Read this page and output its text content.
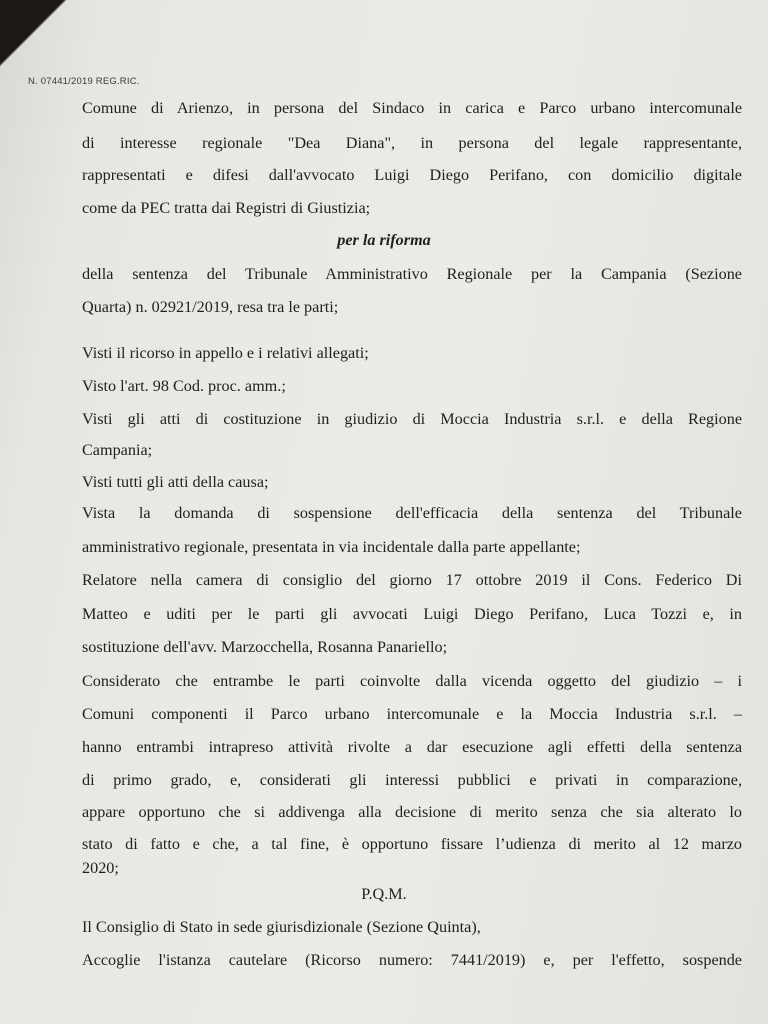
N. 07441/2019 REG.RIC.
Comune di Arienzo, in persona del Sindaco in carica e Parco urbano intercomunale
di interesse regionale "Dea Diana", in persona del legale rappresentante,
rappresentati e difesi dall'avvocato Luigi Diego Perifano, con domicilio digitale
come da PEC tratta dai Registri di Giustizia;
per la riforma
della sentenza del Tribunale Amministrativo Regionale per la Campania (Sezione
Quarta) n. 02921/2019, resa tra le parti;
Visti il ricorso in appello e i relativi allegati;
Visto l'art. 98 Cod. proc. amm.;
Visti gli atti di costituzione in giudizio di Moccia Industria s.r.l. e della Regione
Campania;
Visti tutti gli atti della causa;
Vista la domanda di sospensione dell'efficacia della sentenza del Tribunale
amministrativo regionale, presentata in via incidentale dalla parte appellante;
Relatore nella camera di consiglio del giorno 17 ottobre 2019 il Cons. Federico Di
Matteo e uditi per le parti gli avvocati Luigi Diego Perifano, Luca Tozzi e, in
sostituzione dell'avv. Marzocchella, Rosanna Panariello;
Considerato che entrambe le parti coinvolte dalla vicenda oggetto del giudizio – i
Comuni componenti il Parco urbano intercomunale e la Moccia Industria s.r.l. –
hanno entrambi intrapreso attività rivolte a dar esecuzione agli effetti della sentenza
di primo grado, e, considerati gli interessi pubblici e privati in comparazione,
appare opportuno che si addivenga alla decisione di merito senza che sia alterato lo
stato di fatto e che, a tal fine, è opportuno fissare l’udienza di merito al 12 marzo
2020;
P.Q.M.
Il Consiglio di Stato in sede giurisdizionale (Sezione Quinta),
Accoglie l'istanza cautelare (Ricorso numero: 7441/2019) e, per l'effetto, sospende
